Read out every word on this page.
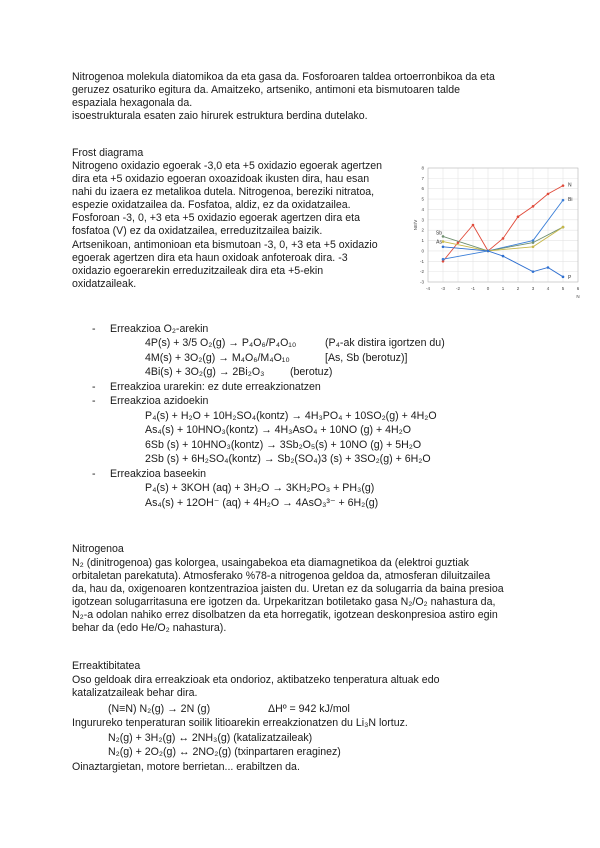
Nitrogenoa molekula diatomikoa da eta gasa da. Fosforoaren taldea ortoerronbikoa da eta
geruzez osaturiko egitura da. Amaitzeko, artseniko, antimoni eta bismutoaren talde
espaziala hexagonala da.
isoestrukturala esaten zaio hirurek estruktura berdina dutelako.

Frost diagrama

Nitrogeno oxidazio egoerak -3,0 eta +5 oxidazio egoerak agertzen
dira eta +5 oxidazio egoeran oxoazidoak ikusten dira, hau esan
nahi du izaera ez metalikoa dutela. Nitrogenoa, bereziki nitratoa,
espezie oxidatzailea da. Fosfatoa, aldiz, ez da oxidatzailea.
Fosforoan -3, 0, +3 eta +5 oxidazio egoerak agertzen dira eta
fosfatoa (V) ez da oxidatzailea, erreduzitzailea baizik.
Artsenikoan, antimonioan eta bismutoan -3, 0, +3 eta +5 oxidazio
egoerak agertzen dira eta haun oxidoak anfoteroak dira. -3
oxidazio egoerarekin erreduzitzaileak dira eta +5-ekin
oxidatzaileak.	-4 -3 -2 -1	0	1	2	3	4	5	6
-3
-2
-1
0
1
2
3
4
5
6
7
8
N
NE/V
N
Bi
Sb
As
P
- Erreakzioa O₂-arekin
4P(s) + 3/5 O₂(g) → P₄O₆/P₄O₁₀	(P₄-ak distira igortzen du)
4M(s) + 3O₂(g) → M₄O₆/M₄O₁₀	[As, Sb (berotuz)]
4Bi(s) + 3O₂(g) → 2Bi₂O₃ (berotuz)
- Erreakzioa urarekin: ez dute erreakzionatzen
- Erreakzioa azidoekin
P₄(s) + H₂O + 10H₂SO₄(kontz) → 4H₃PO₄ + 10SO₂(g) + 4H₂O
As₄(s) + 10HNO₃(kontz) → 4H₃AsO₄ + 10NO (g) + 4H₂O
6Sb (s) + 10HNO₃(kontz) → 3Sb₂O₅(s) + 10NO (g) + 5H₂O
2Sb (s) + 6H₂SO₄(kontz) → Sb₂(SO₄)3 (s) + 3SO₂(g) + 6H₂O
- Erreakzioa baseekin
P₄(s) + 3KOH (aq) + 3H₂O → 3KH₂PO₃ + PH₃(g)
As₄(s) + 12OH⁻ (aq) + 4H₂O → 4AsO₃³⁻ + 6H₂(g)

Nitrogenoa

N₂ (dinitrogenoa) gas kolorgea, usaingabekoa eta diamagnetikoa da (elektroi guztiak
orbitaletan parekatuta). Atmosferako %78-a nitrogenoa geldoa da, atmosferan diluitzailea
da, hau da, oxigenoaren kontzentrazioa jaisten du. Uretan ez da solugarria da baina presioa
igotzean solugarritasuna ere igotzen da. Urpekaritzan botiletako gasa N₂/O₂ nahastura da,
N₂-a odolan nahiko errez disolbatzen da eta horregatik, igotzean deskonpresioa astiro egin
behar da (edo He/O₂ nahastura).

Erreaktibitatea

Oso geldoak dira erreakzioak eta ondorioz, aktibatzeko tenperatura altuak edo
katalizatzaileak behar dira.
(N≡N) N₂(g) → 2N (g)	ΔHº = 942 kJ/mol
Ingurureko tenperaturan soilik litioarekin erreakzionatzen du Li₃N lortuz.
N₂(g) + 3H₂(g) ↔ 2NH₃(g) (katalizatzaileak)
N₂(g) + 2O₂(g) ↔ 2NO₂(g) (txinpartaren eraginez)
Oinaztargietan, motore berrietan... erabiltzen da.
